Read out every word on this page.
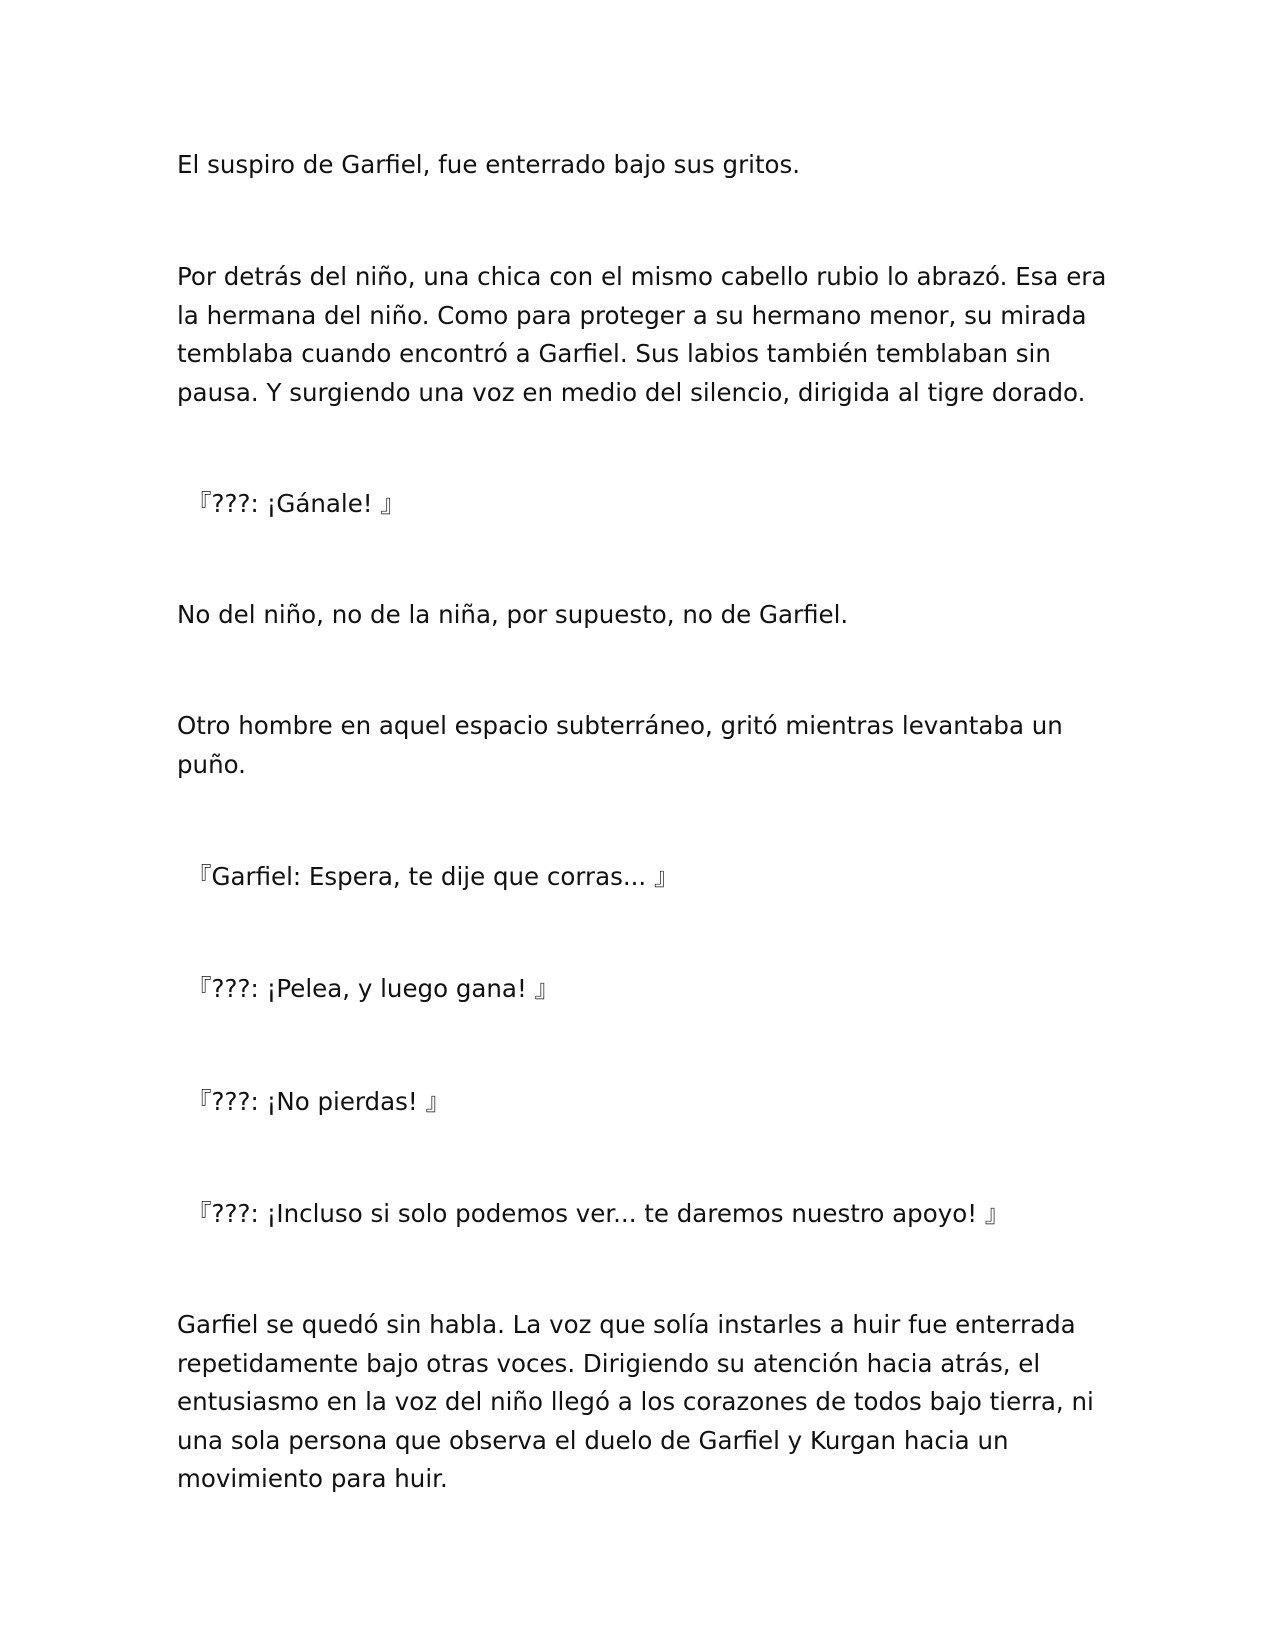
El suspiro de Garfiel, fue enterrado bajo sus gritos.

Por detrás del niño, una chica con el mismo cabello rubio lo abrazó. Esa era la hermana del niño. Como para proteger a su hermano menor, su mirada temblaba cuando encontró a Garfiel. Sus labios también temblaban sin pausa. Y surgiendo una voz en medio del silencio, dirigida al tigre dorado.

『???: ¡Gánale! 』

No del niño, no de la niña, por supuesto, no de Garfiel.

Otro hombre en aquel espacio subterráneo, gritó mientras levantaba un puño.

『Garfiel: Espera, te dije que corras... 』

『???: ¡Pelea, y luego gana! 』

『???: ¡No pierdas! 』

『???: ¡Incluso si solo podemos ver... te daremos nuestro apoyo! 』

Garfiel se quedó sin habla. La voz que solía instarles a huir fue enterrada repetidamente bajo otras voces. Dirigiendo su atención hacia atrás, el entusiasmo en la voz del niño llegó a los corazones de todos bajo tierra, ni una sola persona que observa el duelo de Garfiel y Kurgan hacia un movimiento para huir.
